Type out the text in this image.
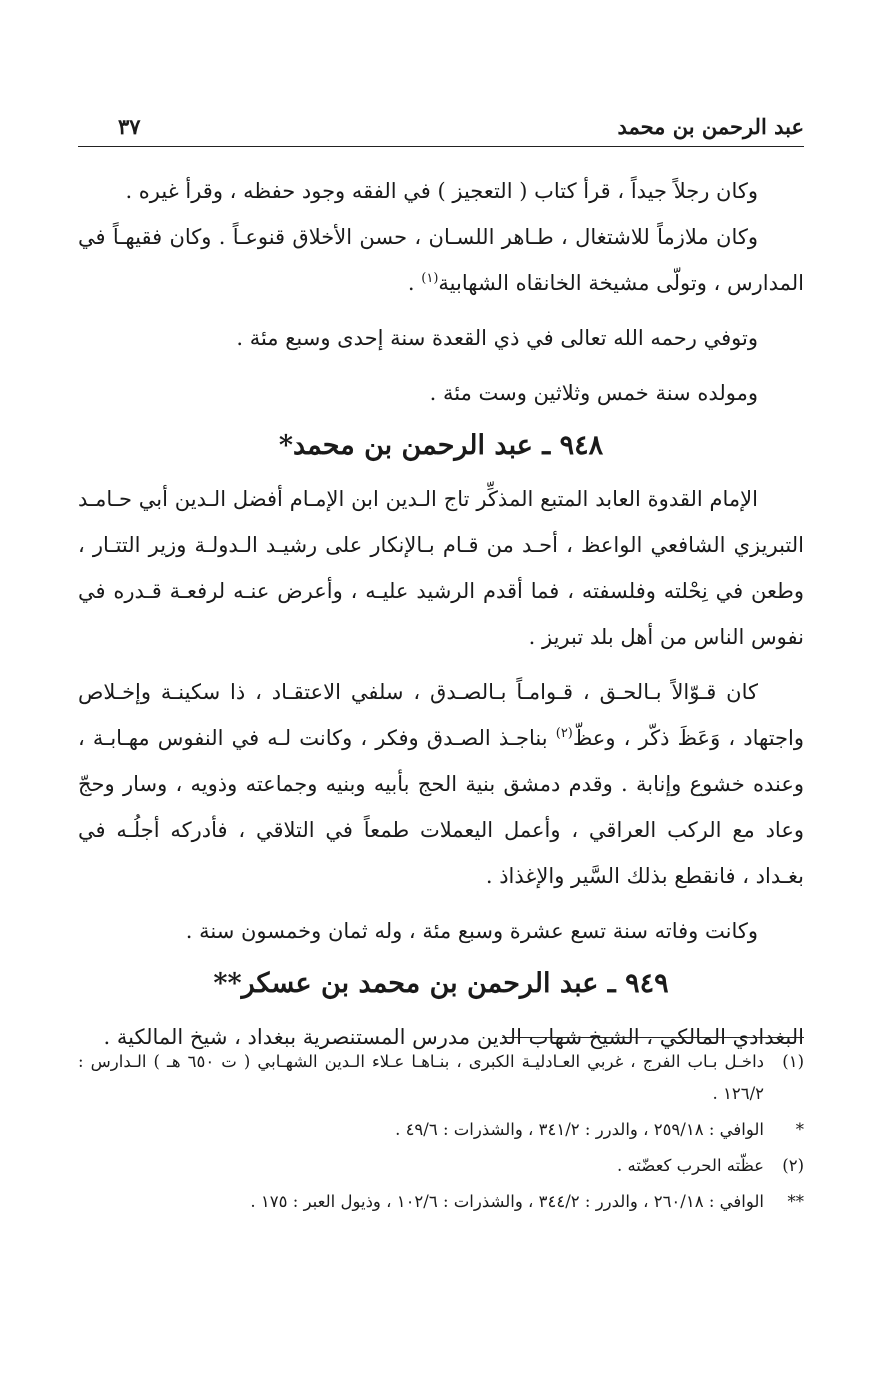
عبد الرحمن بن محمد
٣٧

وكان رجلاً جيداً ، قرأ كتاب ( التعجيز ) في الفقه وجود حفظه ، وقرأ غيره .

وكان ملازماً للاشتغال ، طـاهر اللسـان ، حسن الأخلاق قنوعـاً . وكان فقيهـاً في المدارس ، وتولّى مشيخة الخانقاه الشهابية$^{(١)}$ .

وتوفي رحمه الله تعالى في ذي القعدة سنة إحدى وسبع مئة .

ومولده سنة خمس وثلاثين وست مئة .

٩٤٨ ـ عبد الرحمن بن محمد*

الإمام القدوة العابد المتبع المذكِّر تاج الـدين ابن الإمـام أفضل الـدين أبي حـامـد التبريزي الشافعي الواعظ ، أحـد من قـام بـالإنكار على رشيـد الـدولـة وزير التتـار ، وطعن في نِحْلته وفلسفته ، فما أقدم الرشيد عليـه ، وأعرض عنـه لرفعـة قـدره في نفوس الناس من أهل بلد تبريز .

كان قـوّالاً بـالحـق ، قـوامـاً بـالصـدق ، سلفي الاعتقـاد ، ذا سكينـة وإخـلاص واجتهاد ، وَعَظَ ذكّر ، وعظّ$^{(٢)}$ بناجـذ الصـدق وفكر ، وكانت لـه في النفوس مهـابـة ، وعنده خشوع وإنابة . وقدم دمشق بنية الحج بأبيه وبنيه وجماعته وذويه ، وسار وحجّ وعاد مع الركب العراقي ، وأعمل اليعملات طمعاً في التلاقي ، فأدركه أجلُـه في بغـداد ، فانقطع بذلك السَّير والإغذاذ .

وكانت وفاته سنة تسع عشرة وسبع مئة ، وله ثمان وخمسون سنة .

٩٤٩ ـ عبد الرحمن بن محمد بن عسكر**

البغدادي المالكي ، الشيخ شهاب الدين مدرس المستنصرية ببغداد ، شيخ المالكية .

(١)
داخـل بـاب الفرج ، غربي العـادليـة الكبرى ، بنـاهـا عـلاء الـدين الشهـابي ( ت ٦٥٠ هـ ) الـدارس : ١٢٦/٢ .
*
الوافي : ٢٥٩/١٨ ، والدرر : ٣٤١/٢ ، والشذرات : ٤٩/٦ .
(٢)
عظّته الحرب كعضّته .
**
الوافي : ٢٦٠/١٨ ، والدرر : ٣٤٤/٢ ، والشذرات : ١٠٢/٦ ، وذيول العبر : ١٧٥ .
